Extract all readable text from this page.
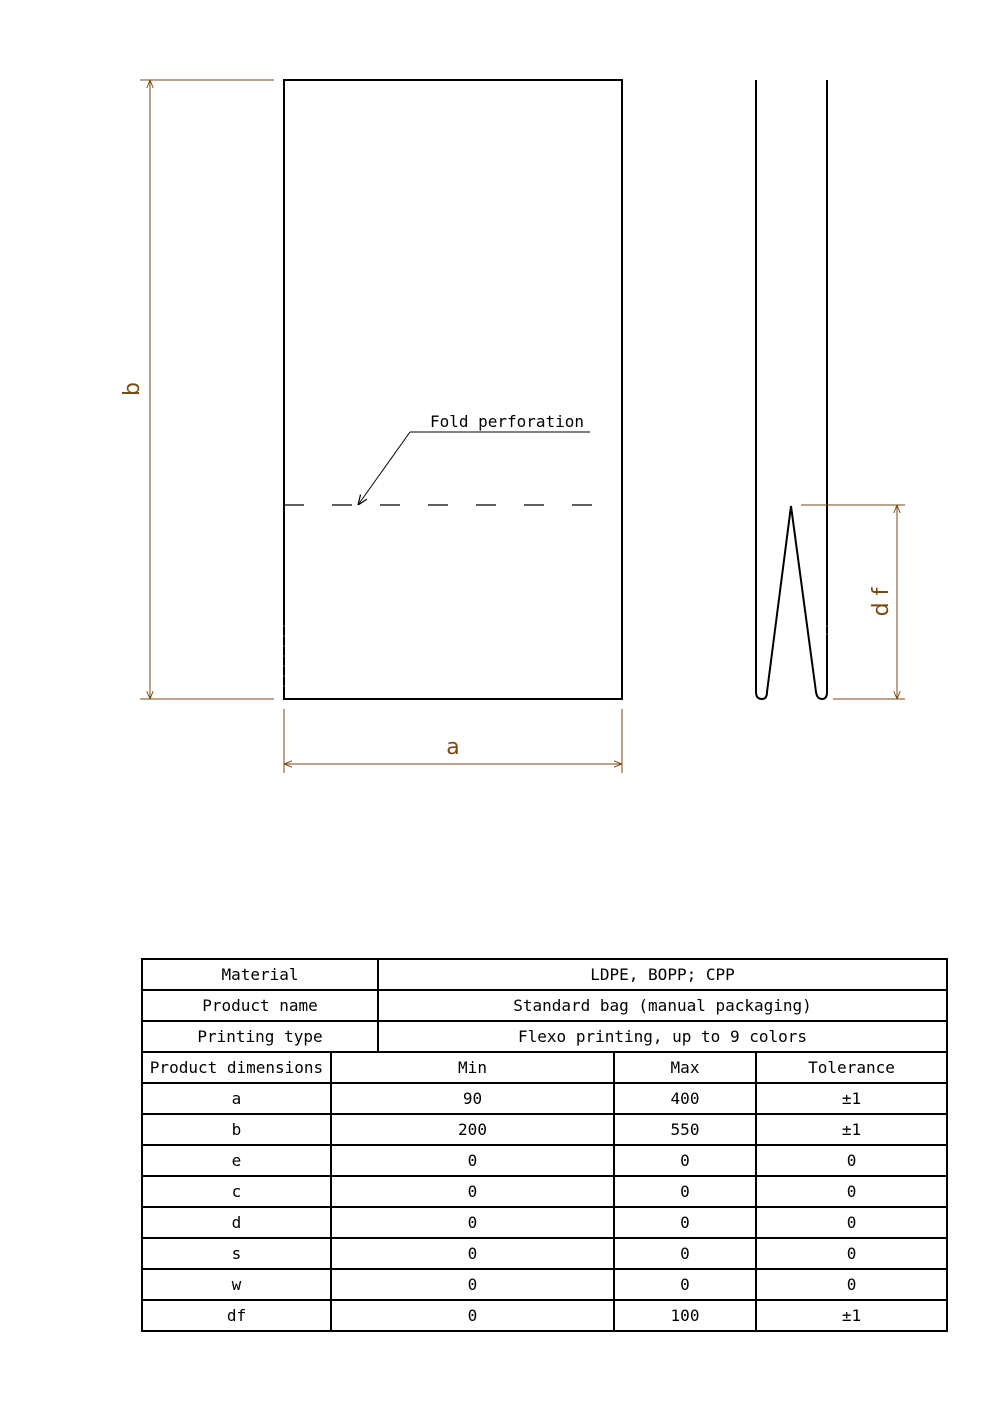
Fold perforation
b
a
d f
Material		LDPE, BOPP; CPP		
Product name		Standard bag (manual packaging)		
Printing type		Flexo printing, up to 9 colors		
Product dimensions	Min		Max	Tolerance
a	90		400	±1
b	200		550	±1
e	0		0	0
c	0		0	0
d	0		0	0
s	0		0	0
w	0		0	0
df	0		100	±1
